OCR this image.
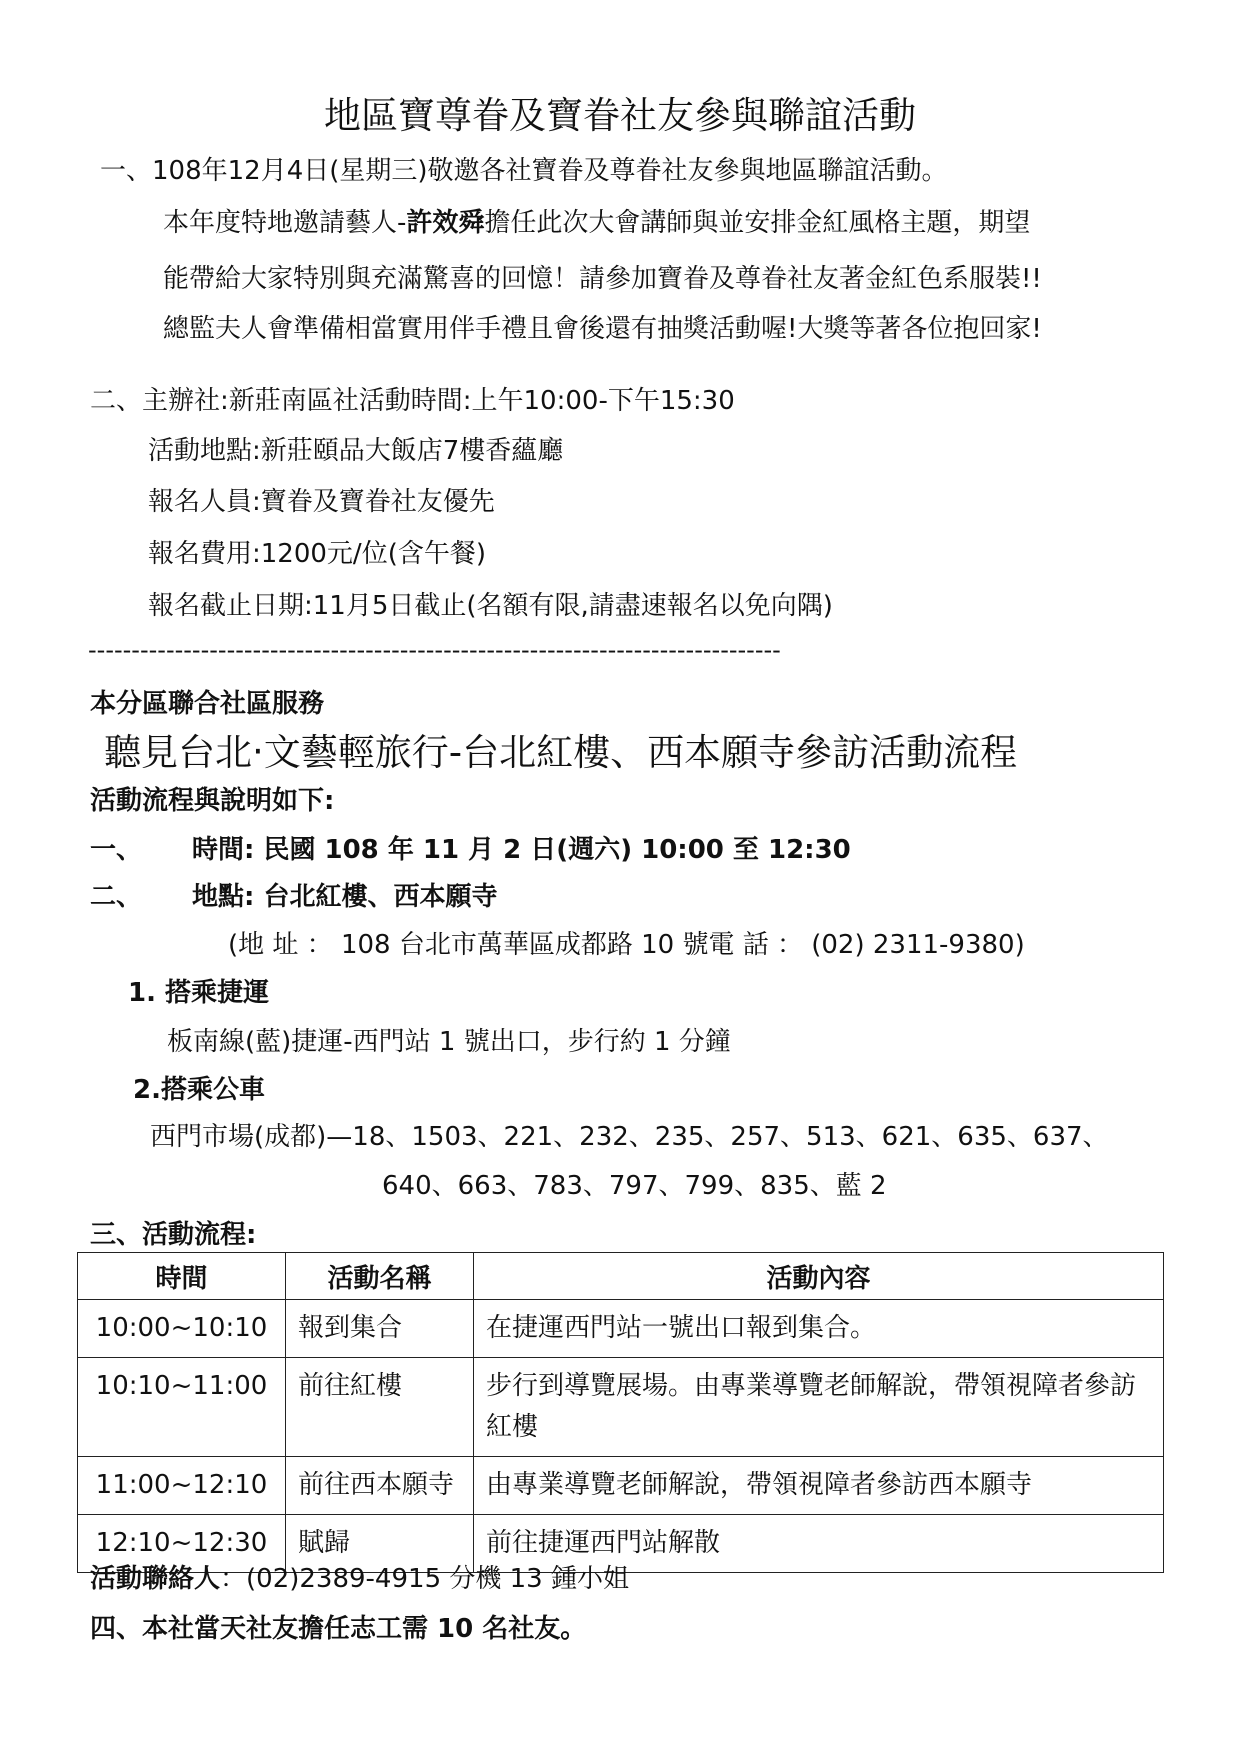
地區寶尊眷及寶眷社友參與聯誼活動
一、108年12月4日(星期三)敬邀各社寶眷及尊眷社友參與地區聯誼活動。
本年度特地邀請藝人-許效舜擔任此次大會講師與並安排金紅風格主題，期望
能帶給大家特別與充滿驚喜的回憶！請參加寶眷及尊眷社友著金紅色系服裝!!
總監夫人會準備相當實用伴手禮且會後還有抽獎活動喔!大獎等著各位抱回家!
二、主辦社:新莊南區社活動時間:上午10:00-下午15:30
活動地點:新莊頤品大飯店7樓香蘊廳
報名人員:寶眷及寶眷社友優先
報名費用:1200元/位(含午餐)
報名截止日期:11月5日截止(名額有限,請盡速報名以免向隅)
--------------------------------------------------------------------------------
本分區聯合社區服務
聽見台北‧文藝輕旅行-台北紅樓、西本願寺參訪活動流程
活動流程與說明如下:
一、 時間: 民國 108 年 11 月 2 日(週六) 10:00 至 12:30
二、 地點: 台北紅樓、西本願寺
(地 址 ： 108 台北市萬華區成都路 10 號電 話 ： (02) 2311-9380)
1. 搭乘捷運
板南線(藍)捷運-西門站 1 號出口，步行約 1 分鐘
2.搭乘公車
西門市場(成都)—18、1503、221、232、235、257、513、621、635、637、
640、663、783、797、799、835、藍 2
三、活動流程:
時間	活動名稱	活動內容
10:00~10:10	報到集合	在捷運西門站一號出口報到集合。
10:10~11:00	前往紅樓	步行到導覽展場。由專業導覽老師解說，帶領視障者參訪紅樓
11:00~12:10	前往西本願寺	由專業導覽老師解說，帶領視障者參訪西本願寺
12:10~12:30	賦歸	前往捷運西門站解散
活動聯絡人：(02)2389-4915 分機 13 鍾小姐
四、本社當天社友擔任志工需 10 名社友。
